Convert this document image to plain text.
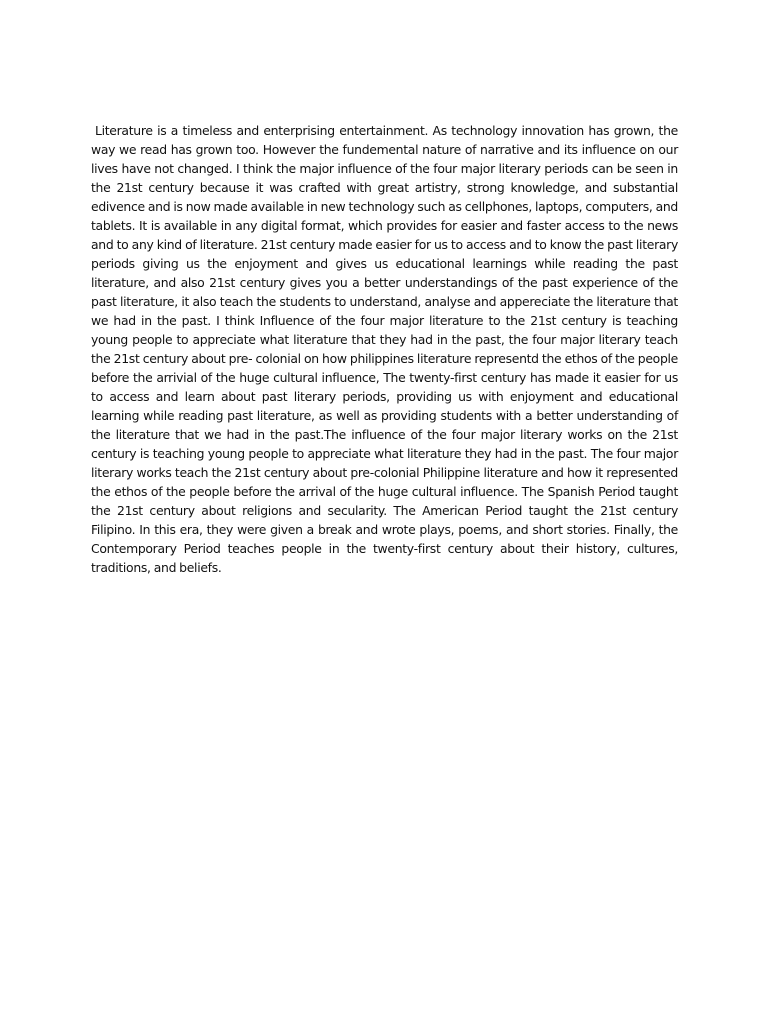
Literature is a timeless and enterprising entertainment. As technology innovation has grown, the way we read has grown too. However the fundemental nature of narrative and its influence on our lives have not changed. I think the major influence of the four major literary periods can be seen in the 21st century because it was crafted with great artistry, strong knowledge, and substantial edivence and is now made available in new technology such as cellphones, laptops, computers, and tablets. It is available in any digital format, which provides for easier and faster access to the news and to any kind of literature. 21st century made easier for us to access and to know the past literary periods giving us the enjoyment and gives us educational learnings while reading the past literature, and also 21st century gives you a better understandings of the past experience of the past literature, it also teach the students to understand, analyse and appereciate the literature that we had in the past. I think Influence of the four major literature to the 21st century is teaching young people to appreciate what literature that they had in the past, the four major literary teach the 21st century about pre- colonial on how philippines literature representd the ethos of the people before the arrivial of the huge cultural influence, The twenty-first century has made it easier for us to access and learn about past literary periods, providing us with enjoyment and educational learning while reading past literature, as well as providing students with a better understanding of the literature that we had in the past.The influence of the four major literary works on the 21st century is teaching young people to appreciate what literature they had in the past. The four major literary works teach the 21st century about pre-colonial Philippine literature and how it represented the ethos of the people before the arrival of the huge cultural influence. The Spanish Period taught the 21st century about religions and secularity. The American Period taught the 21st century Filipino. In this era, they were given a break and wrote plays, poems, and short stories. Finally, the Contemporary Period teaches people in the twenty-first century about their history, cultures, traditions, and beliefs.
